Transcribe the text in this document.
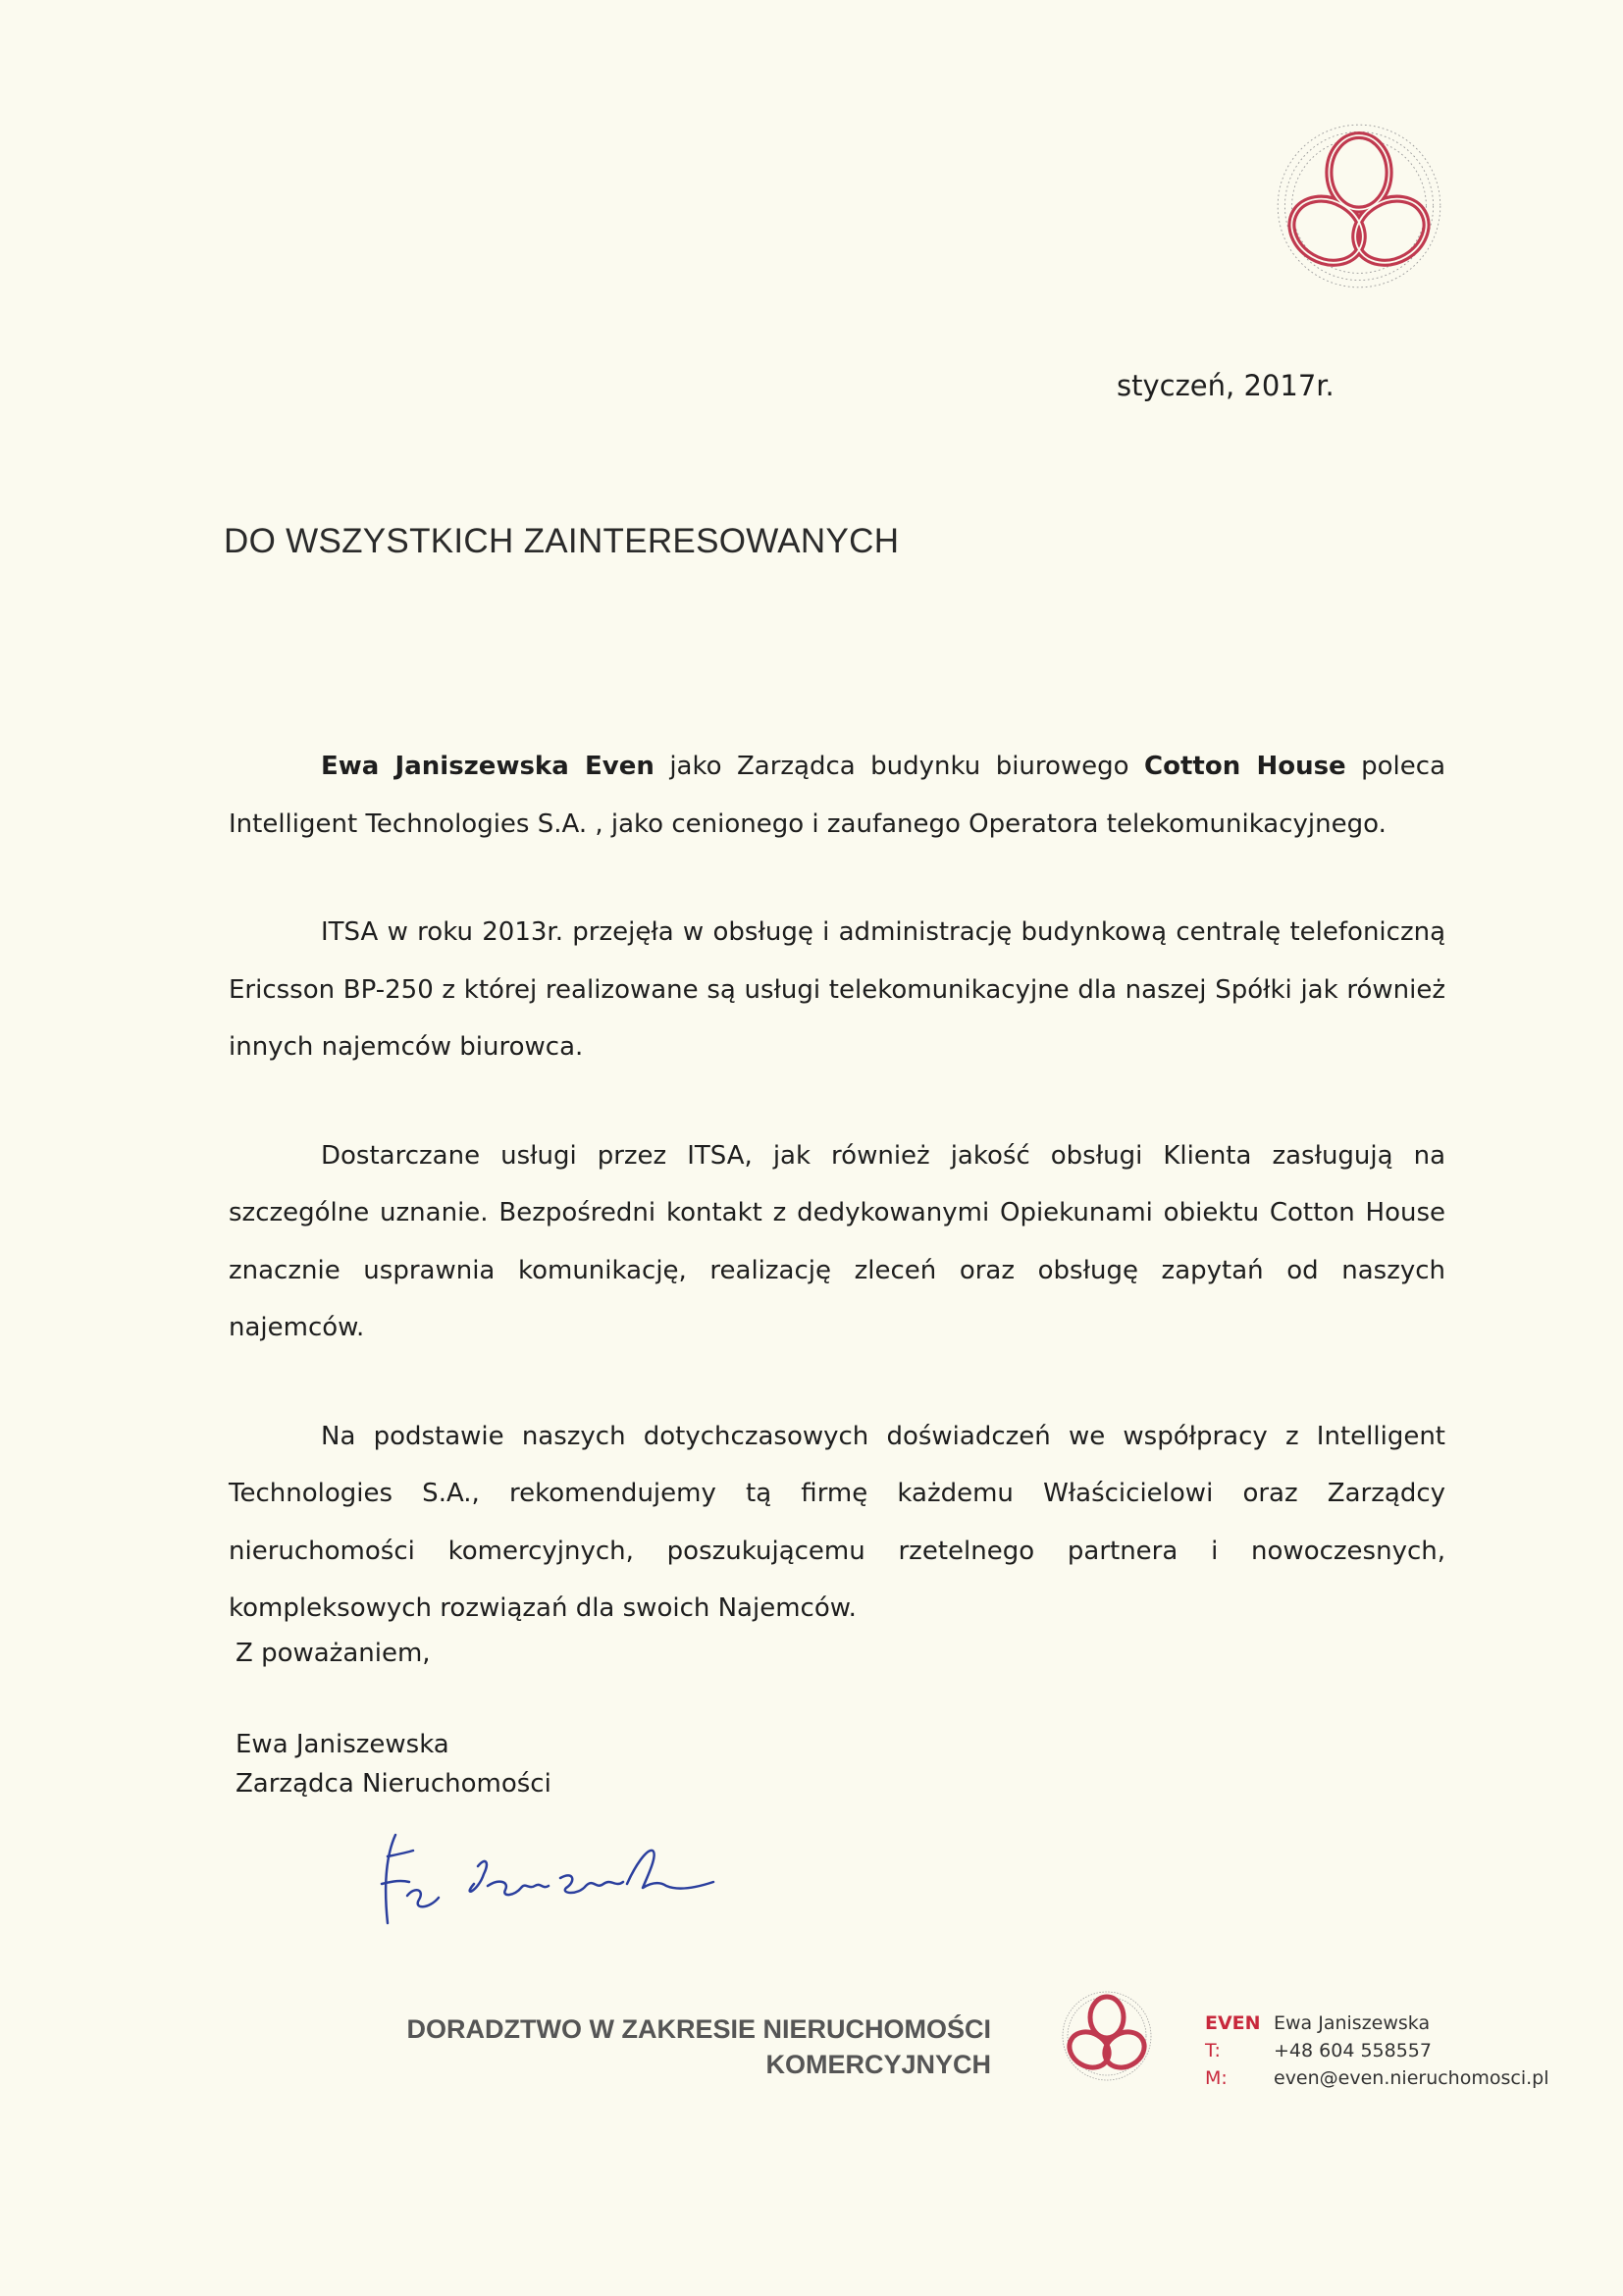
styczeń, 2017r.
DO WSZYSTKICH ZAINTERESOWANYCH

Ewa Janiszewska Even jako Zarządca budynku biurowego Cotton House poleca Intelligent Technologies S.A. , jako cenionego i zaufanego Operatora telekomunikacyjnego.

ITSA w roku 2013r. przejęła w obsługę i administrację budynkową centralę telefoniczną Ericsson BP-250 z której realizowane są usługi telekomunikacyjne dla naszej Spółki jak również innych najemców biurowca.

Dostarczane usługi przez ITSA, jak również jakość obsługi Klienta zasługują na szczególne uznanie. Bezpośredni kontakt z dedykowanymi Opiekunami obiektu Cotton House znacznie usprawnia komunikację, realizację zleceń oraz obsługę zapytań od naszych najemców.

Na podstawie naszych dotychczasowych doświadczeń we współpracy z Intelligent Technologies S.A., rekomendujemy tą firmę każdemu Właścicielowi oraz Zarządcy nieruchomości komercyjnych, poszukującemu rzetelnego partnera i nowoczesnych, kompleksowych rozwiązań dla swoich Najemców.

Z poważaniem,
Ewa Janiszewska
Zarządca Nieruchomości
DORADZTWO W ZAKRESIE NIERUCHOMOŚCI
KOMERCYJNYCH
EVEN Ewa Janiszewska
T:	+48 604 558557
M:	even@even.nieruchomosci.pl
